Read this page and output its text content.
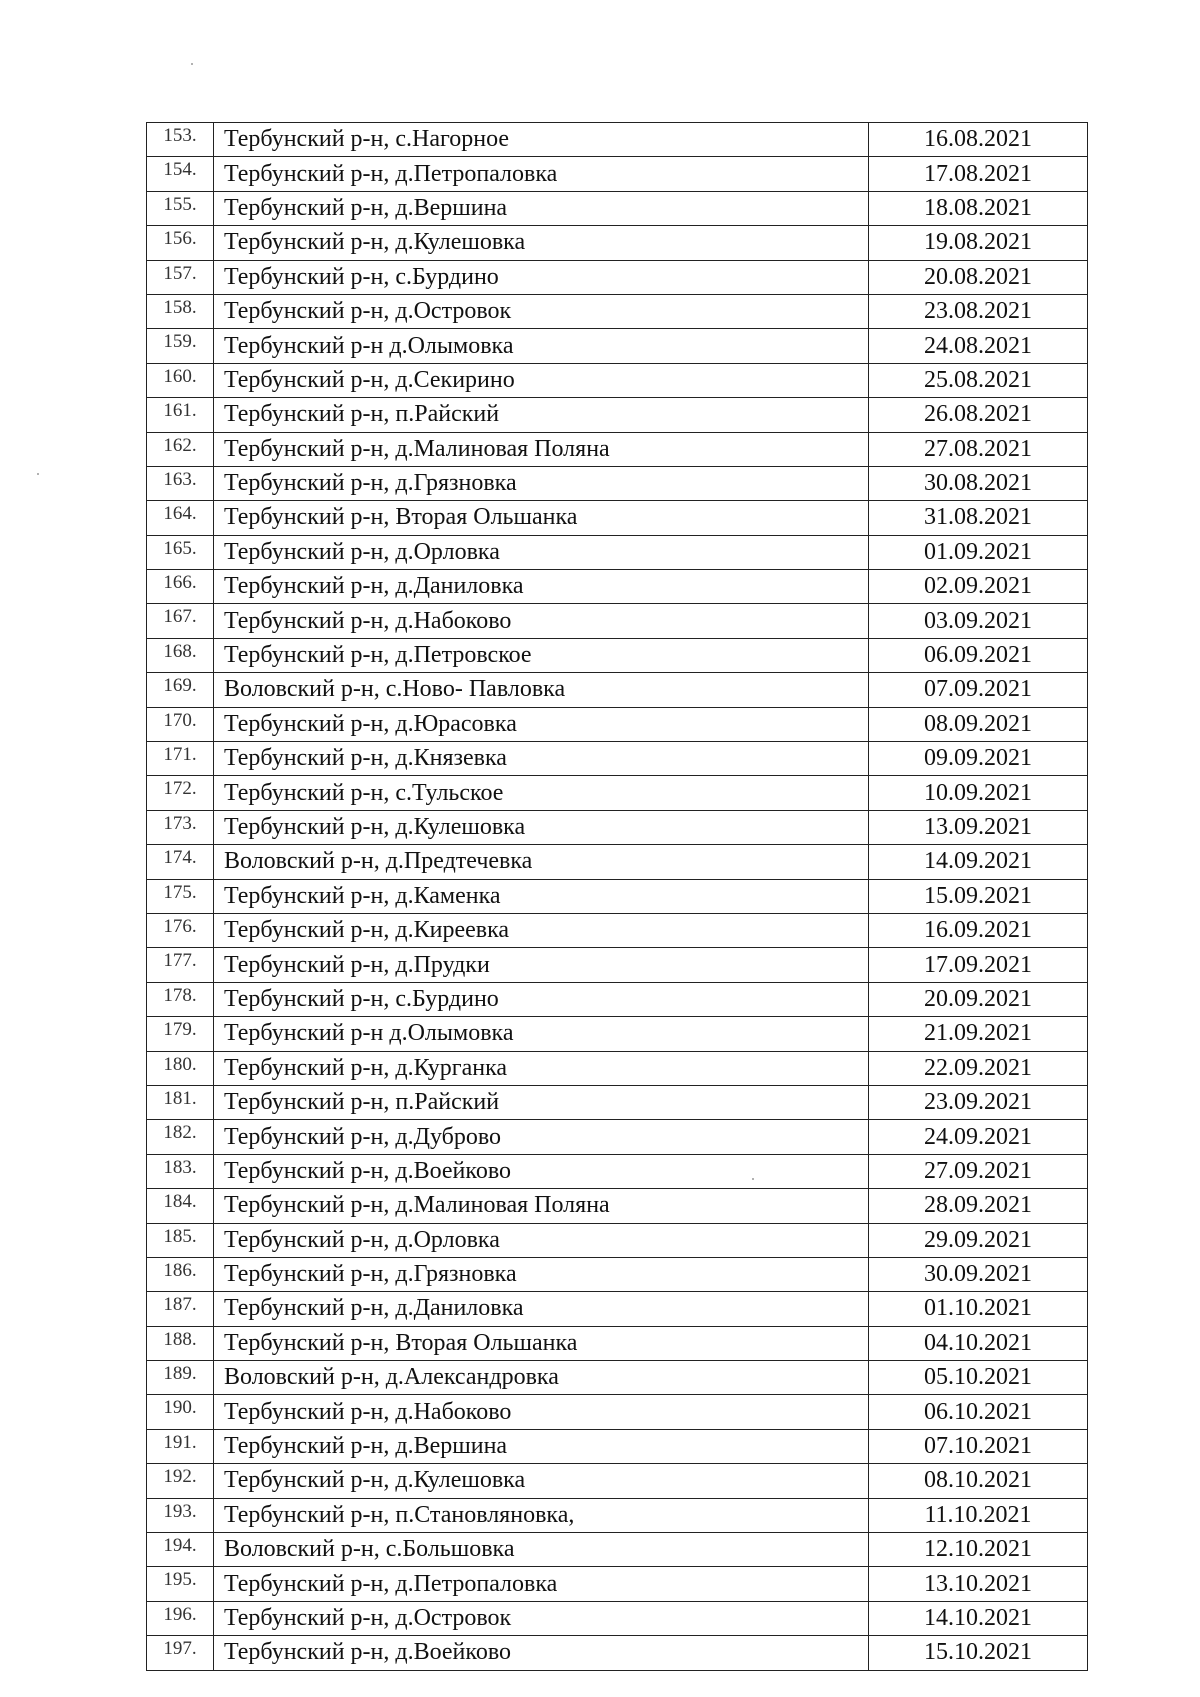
153.	Тербунский р-н, с.Нагорное	16.08.2021
154.	Тербунский р-н, д.Петропаловка	17.08.2021
155.	Тербунский р-н, д.Вершина	18.08.2021
156.	Тербунский р-н, д.Кулешовка	19.08.2021
157.	Тербунский р-н, с.Бурдино	20.08.2021
158.	Тербунский р-н, д.Островок	23.08.2021
159.	Тербунский р-н д.Олымовка	24.08.2021
160.	Тербунский р-н, д.Секирино	25.08.2021
161.	Тербунский р-н, п.Райский	26.08.2021
162.	Тербунский р-н, д.Малиновая Поляна	27.08.2021
163.	Тербунский р-н, д.Грязновка	30.08.2021
164.	Тербунский р-н, Вторая Ольшанка	31.08.2021
165.	Тербунский р-н, д.Орловка	01.09.2021
166.	Тербунский р-н, д.Даниловка	02.09.2021
167.	Тербунский р-н, д.Набоково	03.09.2021
168.	Тербунский р-н, д.Петровское	06.09.2021
169.	Воловский р-н, с.Ново- Павловка	07.09.2021
170.	Тербунский р-н, д.Юрасовка	08.09.2021
171.	Тербунский р-н, д.Князевка	09.09.2021
172.	Тербунский р-н, с.Тульское	10.09.2021
173.	Тербунский р-н, д.Кулешовка	13.09.2021
174.	Воловский р-н, д.Предтечевка	14.09.2021
175.	Тербунский р-н, д.Каменка	15.09.2021
176.	Тербунский р-н, д.Киреевка	16.09.2021
177.	Тербунский р-н, д.Прудки	17.09.2021
178.	Тербунский р-н, с.Бурдино	20.09.2021
179.	Тербунский р-н д.Олымовка	21.09.2021
180.	Тербунский р-н, д.Курганка	22.09.2021
181.	Тербунский р-н, п.Райский	23.09.2021
182.	Тербунский р-н, д.Дуброво	24.09.2021
183.	Тербунский р-н, д.Воейково	27.09.2021
184.	Тербунский р-н, д.Малиновая Поляна	28.09.2021
185.	Тербунский р-н, д.Орловка	29.09.2021
186.	Тербунский р-н, д.Грязновка	30.09.2021
187.	Тербунский р-н, д.Даниловка	01.10.2021
188.	Тербунский р-н, Вторая Ольшанка	04.10.2021
189.	Воловский р-н, д.Александровка	05.10.2021
190.	Тербунский р-н, д.Набоково	06.10.2021
191.	Тербунский р-н, д.Вершина	07.10.2021
192.	Тербунский р-н, д.Кулешовка	08.10.2021
193.	Тербунский р-н, п.Становляновка,	11.10.2021
194.	Воловский р-н, с.Большовка	12.10.2021
195.	Тербунский р-н, д.Петропаловка	13.10.2021
196.	Тербунский р-н, д.Островок	14.10.2021
197.	Тербунский р-н, д.Воейково	15.10.2021
